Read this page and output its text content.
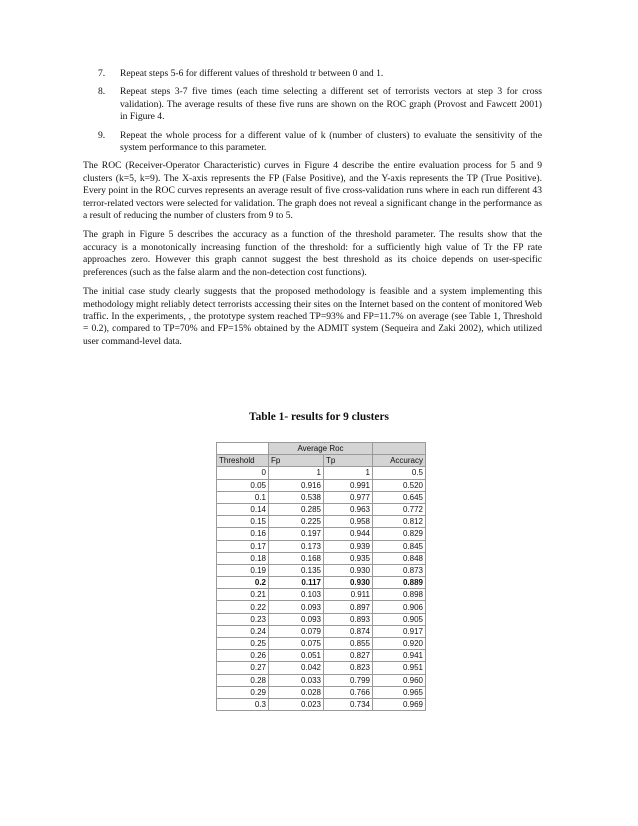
7. Repeat steps 5-6 for different values of threshold tr between 0 and 1.
8. Repeat steps 3-7 five times (each time selecting a different set of terrorists vectors at step 3 for cross validation). The average results of these five runs are shown on the ROC graph (Provost and Fawcett 2001) in Figure 4.
9. Repeat the whole process for a different value of k (number of clusters) to evaluate the sensitivity of the system performance to this parameter.

The ROC (Receiver-Operator Characteristic) curves in Figure 4 describe the entire evaluation process for 5 and 9 clusters (k=5, k=9). The X-axis represents the FP (False Positive), and the Y-axis represents the TP (True Positive). Every point in the ROC curves represents an average result of five cross-validation runs where in each run different 43 terror-related vectors were selected for validation. The graph does not reveal a significant change in the performance as a result of reducing the number of clusters from 9 to 5.

The graph in Figure 5 describes the accuracy as a function of the threshold parameter. The results show that the accuracy is a monotonically increasing function of the threshold: for a sufficiently high value of Tr the FP rate approaches zero. However this graph cannot suggest the best threshold as its choice depends on user-specific preferences (such as the false alarm and the non-detection cost functions).

The initial case study clearly suggests that the proposed methodology is feasible and a system implementing this methodology might reliably detect terrorists accessing their sites on the Internet based on the content of monitored Web traffic. In the experiments, , the prototype system reached TP=93% and FP=11.7% on average (see Table 1, Threshold = 0.2), compared to TP=70% and FP=15% obtained by the ADMIT system (Sequeira and Zaki 2002), which utilized user command-level data.

Table 1- results for 9 clusters
	Average Roc		
Threshold	Fp	Tp	Accuracy
0	1	1	0.5
0.05	0.916	0.991	0.520
0.1	0.538	0.977	0.645
0.14	0.285	0.963	0.772
0.15	0.225	0.958	0.812
0.16	0.197	0.944	0.829
0.17	0.173	0.939	0.845
0.18	0.168	0.935	0.848
0.19	0.135	0.930	0.873
0.2	0.117	0.930	0.889
0.21	0.103	0.911	0.898
0.22	0.093	0.897	0.906
0.23	0.093	0.893	0.905
0.24	0.079	0.874	0.917
0.25	0.075	0.855	0.920
0.26	0.051	0.827	0.941
0.27	0.042	0.823	0.951
0.28	0.033	0.799	0.960
0.29	0.028	0.766	0.965
0.3	0.023	0.734	0.969
